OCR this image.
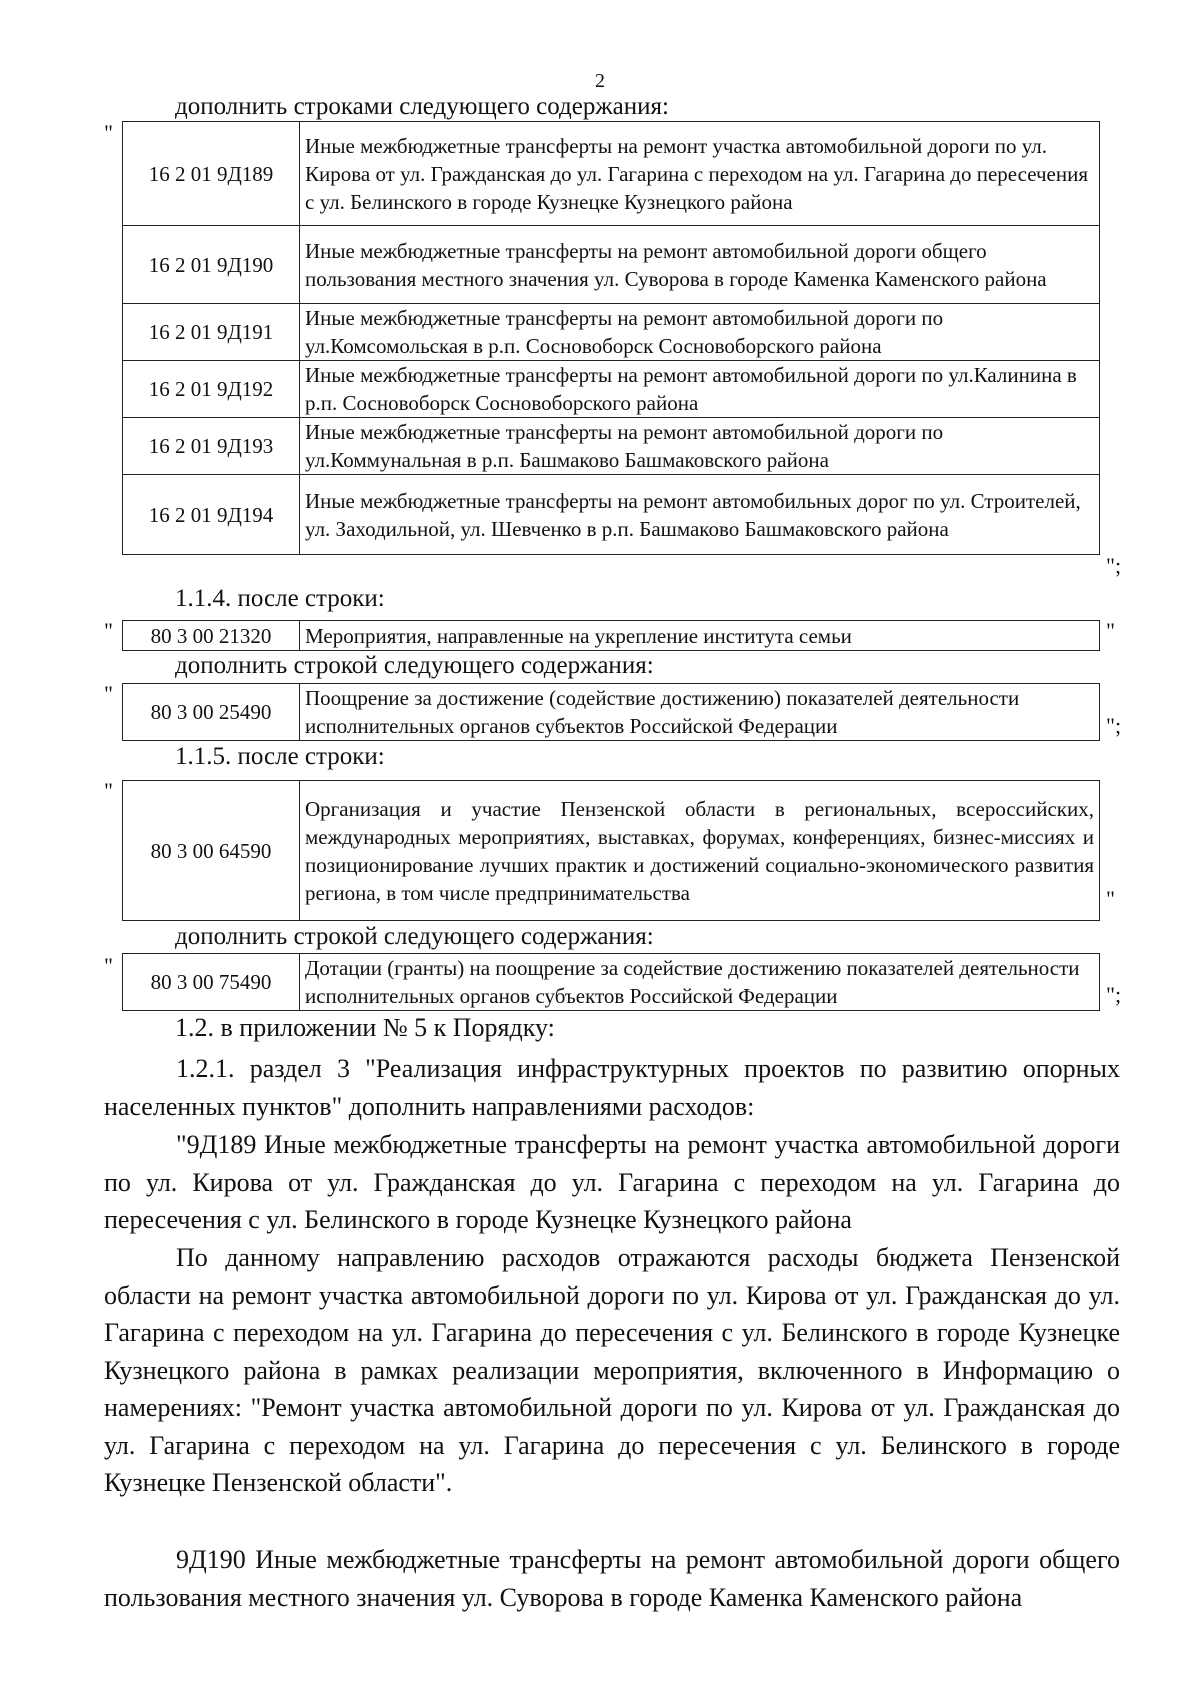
2
дополнить строками следующего содержания:
"
16 2 01 9Д189	Иные межбюджетные трансферты на ремонт участка автомобильной дороги по ул. Кирова от ул. Гражданская до ул. Гагарина с переходом на ул. Гагарина до пересечения с ул. Белинского в городе Кузнецке Кузнецкого района
16 2 01 9Д190	Иные межбюджетные трансферты на ремонт автомобильной дороги общего пользования местного значения ул. Суворова в городе Каменка Каменского района
16 2 01 9Д191	Иные межбюджетные трансферты на ремонт автомобильной дороги по ул.Комсомольская в р.п. Сосновоборск Сосновоборского района
16 2 01 9Д192	Иные межбюджетные трансферты на ремонт автомобильной дороги по ул.Калинина в р.п. Сосновоборск Сосновоборского района
16 2 01 9Д193	Иные межбюджетные трансферты на ремонт автомобильной дороги по ул.Коммунальная в р.п. Башмаково Башмаковского района
16 2 01 9Д194	Иные межбюджетные трансферты на ремонт автомобильных дорог по ул. Строителей, ул. Заходильной, ул. Шевченко в р.п. Башмаково Башмаковского района
";
1.1.4. после строки:
" 80 3 00 21320	Мероприятия, направленные на укрепление института семьи	"
дополнить строкой следующего содержания:
"
80 3 00 25490	Поощрение за достижение (содействие достижению) показателей деятельности исполнительных органов субъектов Российской Федерации	";
1.1.5. после строки:
"
80 3 00 64590	Организация и участие Пензенской области в региональных, всероссийских, международных мероприятиях, выставках, форумах, конференциях, бизнес-миссиях и позиционирование лучших практик и достижений социально-экономического развития региона, в том числе предпринимательства	"
дополнить строкой следующего содержания:
"
80 3 00 75490	Дотации (гранты) на поощрение за содействие достижению показателей деятельности исполнительных органов субъектов Российской Федерации	";
1.2. в приложении № 5 к Порядку:
1.2.1. раздел 3 "Реализация инфраструктурных проектов по развитию опорных населенных пунктов" дополнить направлениями расходов:
"9Д189 Иные межбюджетные трансферты на ремонт участка автомобильной дороги по ул. Кирова от ул. Гражданская до ул. Гагарина с переходом на ул. Гагарина до пересечения с ул. Белинского в городе Кузнецке Кузнецкого района
По данному направлению расходов отражаются расходы бюджета Пензенской области на ремонт участка автомобильной дороги по ул. Кирова от ул. Гражданская до ул. Гагарина с переходом на ул. Гагарина до пересечения с ул. Белинского в городе Кузнецке Кузнецкого района в рамках реализации мероприятия, включенного в Информацию о намерениях: "Ремонт участка автомобильной дороги по ул. Кирова от ул. Гражданская до ул. Гагарина с переходом на ул. Гагарина до пересечения с ул. Белинского в городе Кузнецке Пензенской области".
9Д190 Иные межбюджетные трансферты на ремонт автомобильной дороги общего пользования местного значения ул. Суворова в городе Каменка Каменского района
